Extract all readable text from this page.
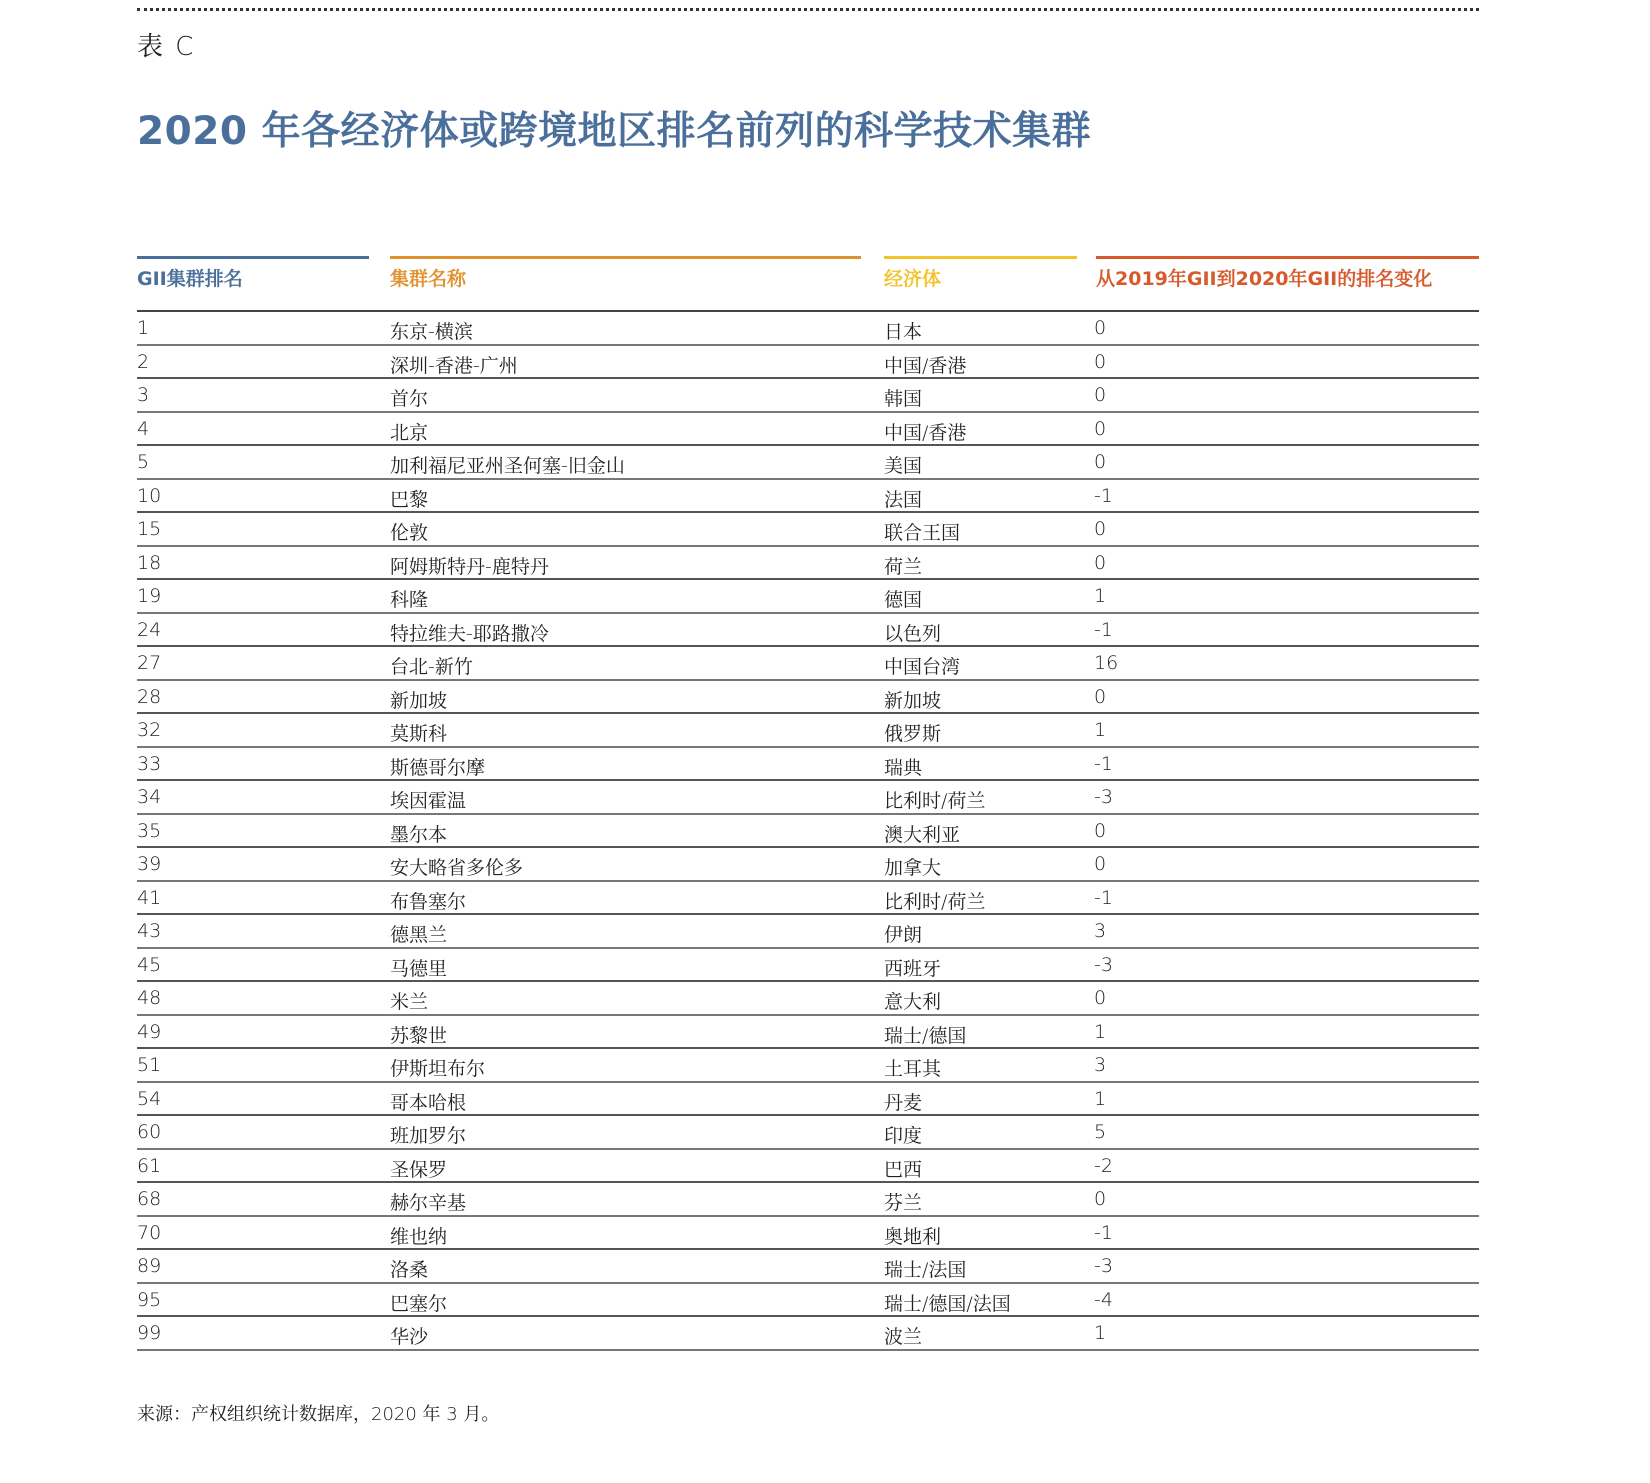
表 C
2020 年各经济体或跨境地区排名前列的科学技术集群
GII集群排名	集群名称	经济体	从2019年GII到2020年GII的排名变化
1	东京-横滨	日本	0
2	深圳-香港-广州	中国/香港	0
3	首尔	韩国	0
4	北京	中国/香港	0
5	加利福尼亚州圣何塞-旧金山	美国	0
10	巴黎	法国	-1
15	伦敦	联合王国	0
18	阿姆斯特丹-鹿特丹	荷兰	0
19	科隆	德国	1
24	特拉维夫-耶路撒冷	以色列	-1
27	台北-新竹	中国台湾	16
28	新加坡	新加坡	0
32	莫斯科	俄罗斯	1
33	斯德哥尔摩	瑞典	-1
34	埃因霍温	比利时/荷兰	-3
35	墨尔本	澳大利亚	0
39	安大略省多伦多	加拿大	0
41	布鲁塞尔	比利时/荷兰	-1
43	德黑兰	伊朗	3
45	马德里	西班牙	-3
48	米兰	意大利	0
49	苏黎世	瑞士/德国	1
51	伊斯坦布尔	土耳其	3
54	哥本哈根	丹麦	1
60	班加罗尔	印度	5
61	圣保罗	巴西	-2
68	赫尔辛基	芬兰	0
70	维也纳	奥地利	-1
89	洛桑	瑞士/法国	-3
95	巴塞尔	瑞士/德国/法国	-4
99	华沙	波兰	1
来源：产权组织统计数据库，2020 年 3 月。
